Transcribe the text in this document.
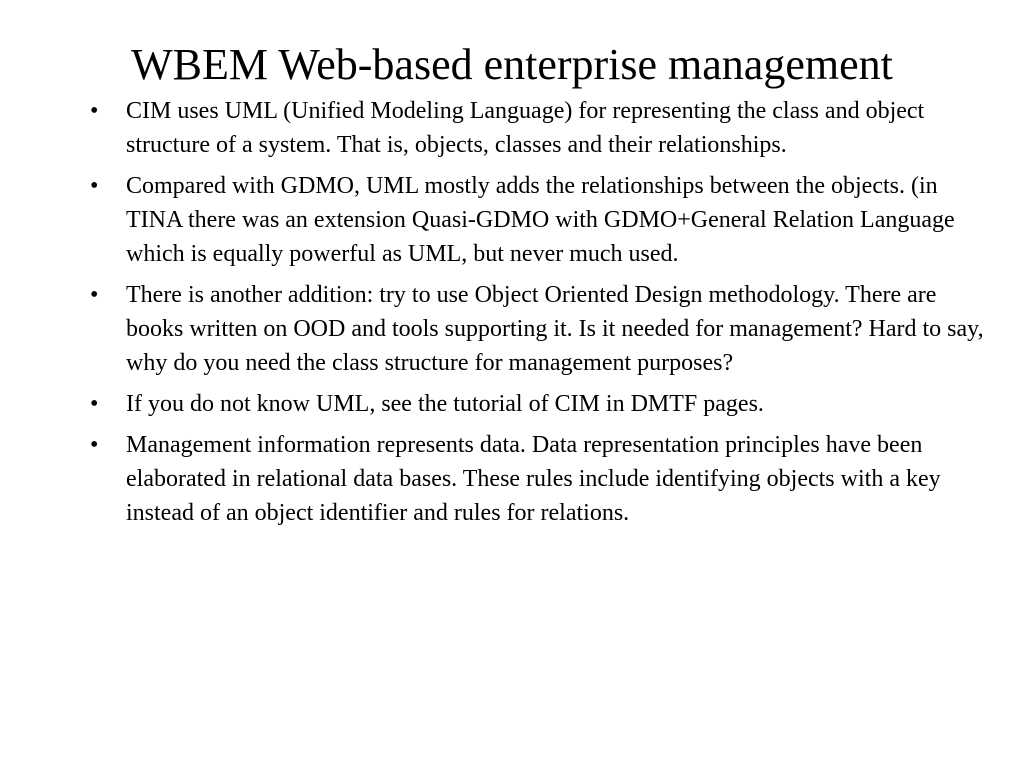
WBEM Web-based enterprise management
• CIM uses UML (Unified Modeling Language) for representing the class and object structure of a system. That is, objects, classes and their relationships.
• Compared with GDMO, UML mostly adds the relationships between the objects. (in TINA there was an extension Quasi-GDMO with GDMO+General Relation Language which is equally powerful as UML, but never much used.
• There is another addition: try to use Object Oriented Design methodology. There are books written on OOD and tools supporting it. Is it needed for management? Hard to say, why do you need the class structure for management purposes?
• If you do not know UML, see the tutorial of CIM in DMTF pages.
• Management information represents data. Data representation principles have been elaborated in relational data bases. These rules include identifying objects with a key instead of an object identifier and rules for relations.
